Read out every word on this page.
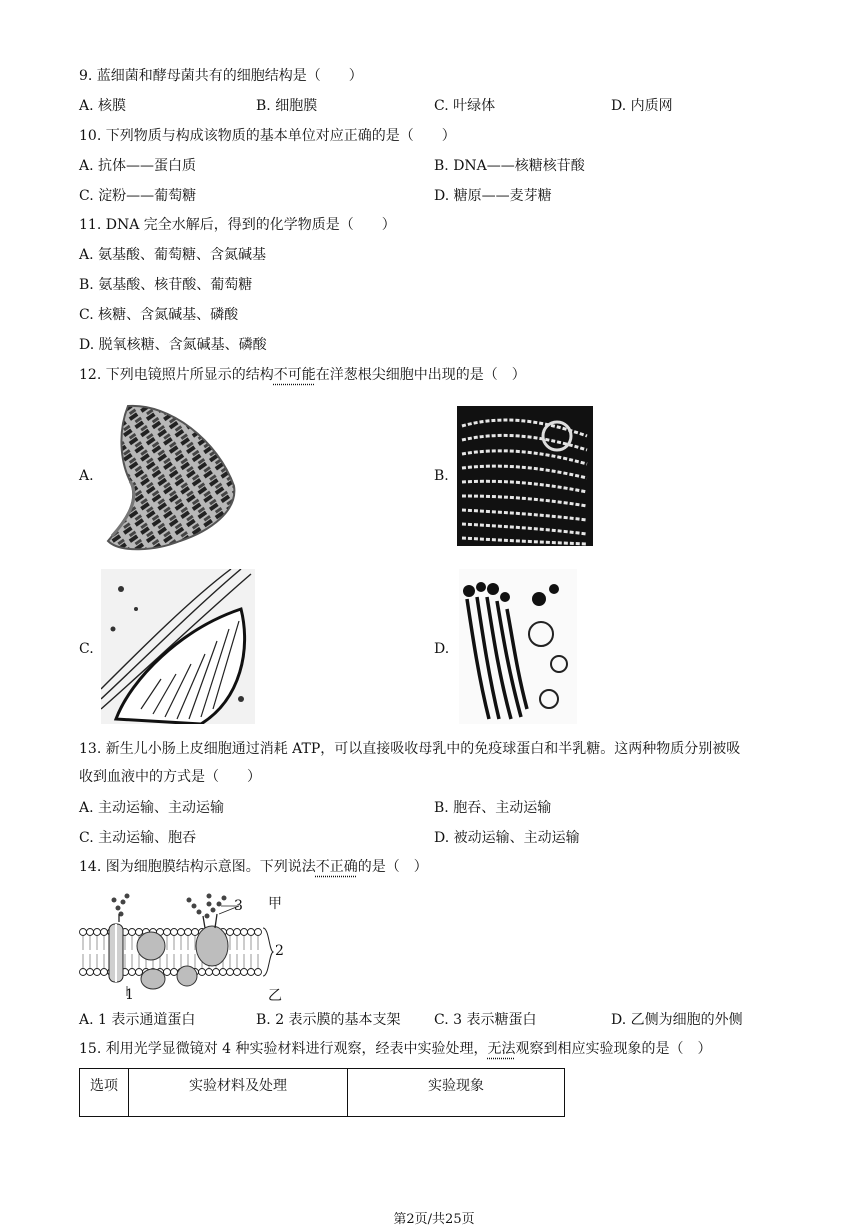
9. 蓝细菌和酵母菌共有的细胞结构是（　　）
A. 核膜	B. 细胞膜	C. 叶绿体	D. 内质网
10. 下列物质与构成该物质的基本单位对应正确的是（　　）
A. 抗体——蛋白质	B. DNA——核糖核苷酸
C. 淀粉——葡萄糖	D. 糖原——麦芽糖
11. DNA 完全水解后，得到的化学物质是（　　）
A. 氨基酸、葡萄糖、含氮碱基
B. 氨基酸、核苷酸、葡萄糖
C. 核糖、含氮碱基、磷酸
D. 脱氧核糖、含氮碱基、磷酸
12. 下列电镜照片所显示的结构不可能在洋葱根尖细胞中出现的是（　）
A.	B.
C.	D.
13. 新生儿小肠上皮细胞通过消耗 ATP，可以直接吸收母乳中的免疫球蛋白和半乳糖。这两种物质分别被吸
收到血液中的方式是（　　）
A. 主动运输、主动运输	B. 胞吞、主动运输
C. 主动运输、胞吞	D. 被动运输、主动运输
14. 图为细胞膜结构示意图。下列说法不正确的是（　）
3 甲
2
1	乙
A. 1 表示通道蛋白	B. 2 表示膜的基本支架 C. 3 表示糖蛋白	D. 乙侧为细胞的外侧
15. 利用光学显微镜对 4 种实验材料进行观察，经表中实验处理，无法观察到相应实验现象的是（　）
选项	实验材料及处理	实验现象
第2页/共25页
